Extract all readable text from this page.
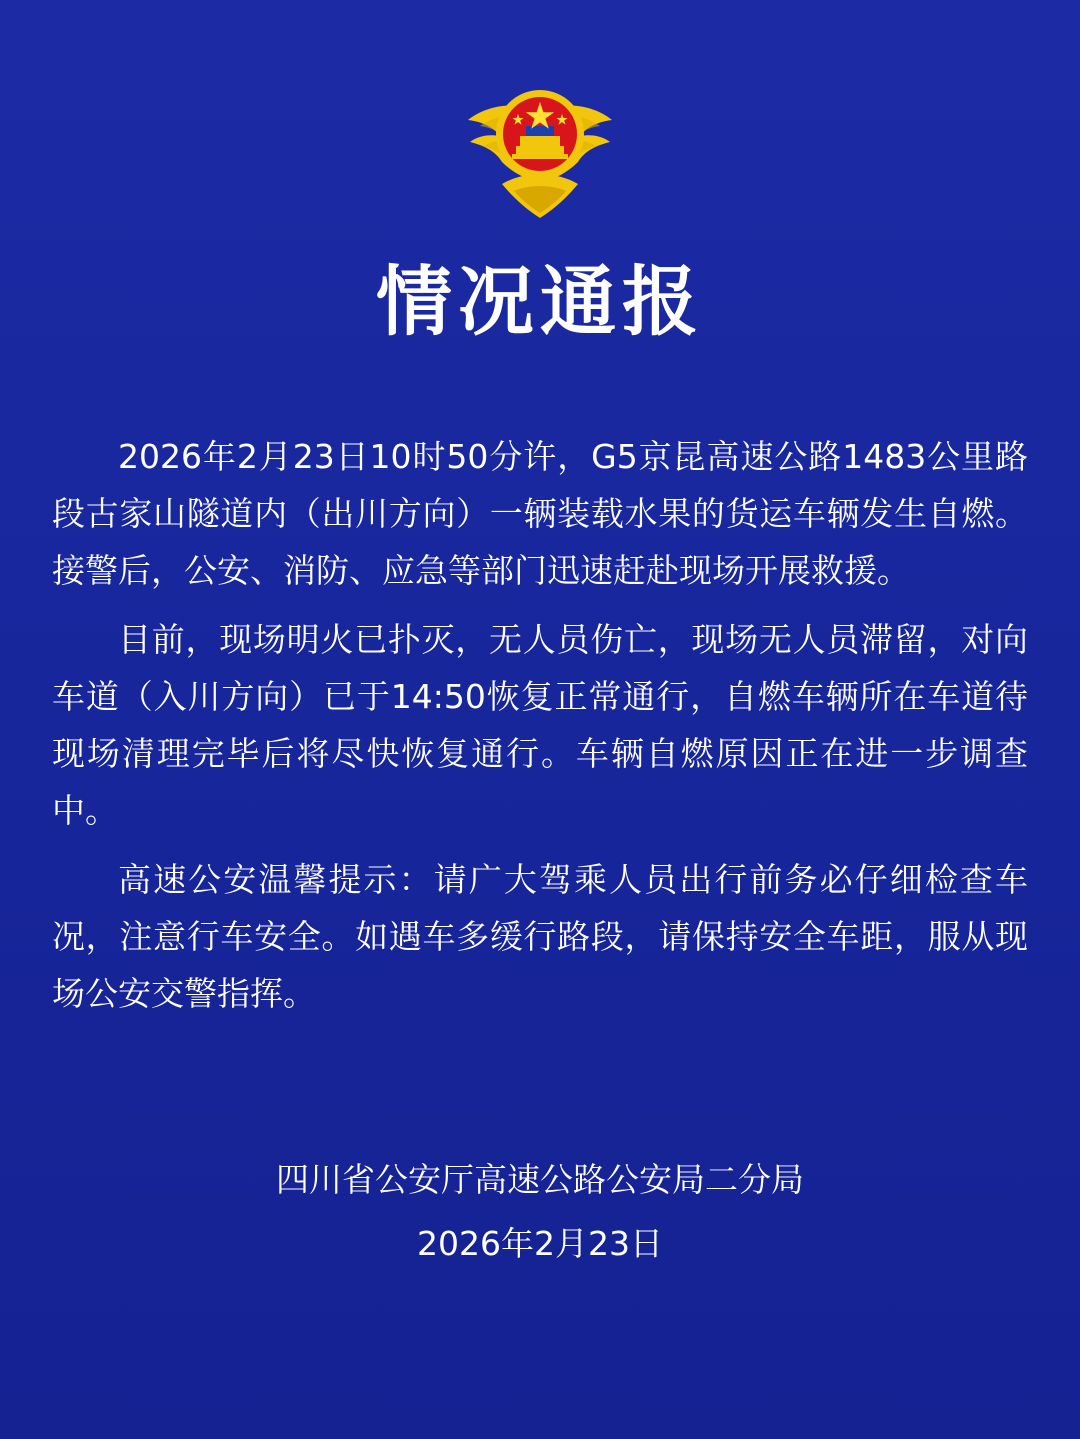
情况通报

2026年2月23日10时50分许，G5京昆高速公路1483公里路段古家山隧道内（出川方向）一辆装载水果的货运车辆发生自燃。接警后，公安、消防、应急等部门迅速赶赴现场开展救援。

目前，现场明火已扑灭，无人员伤亡，现场无人员滞留，对向车道（入川方向）已于14:50恢复正常通行，自燃车辆所在车道待现场清理完毕后将尽快恢复通行。车辆自燃原因正在进一步调查中。

高速公安温馨提示：请广大驾乘人员出行前务必仔细检查车况，注意行车安全。如遇车多缓行路段，请保持安全车距，服从现场公安交警指挥。

四川省公安厅高速公路公安局二分局
2026年2月23日
